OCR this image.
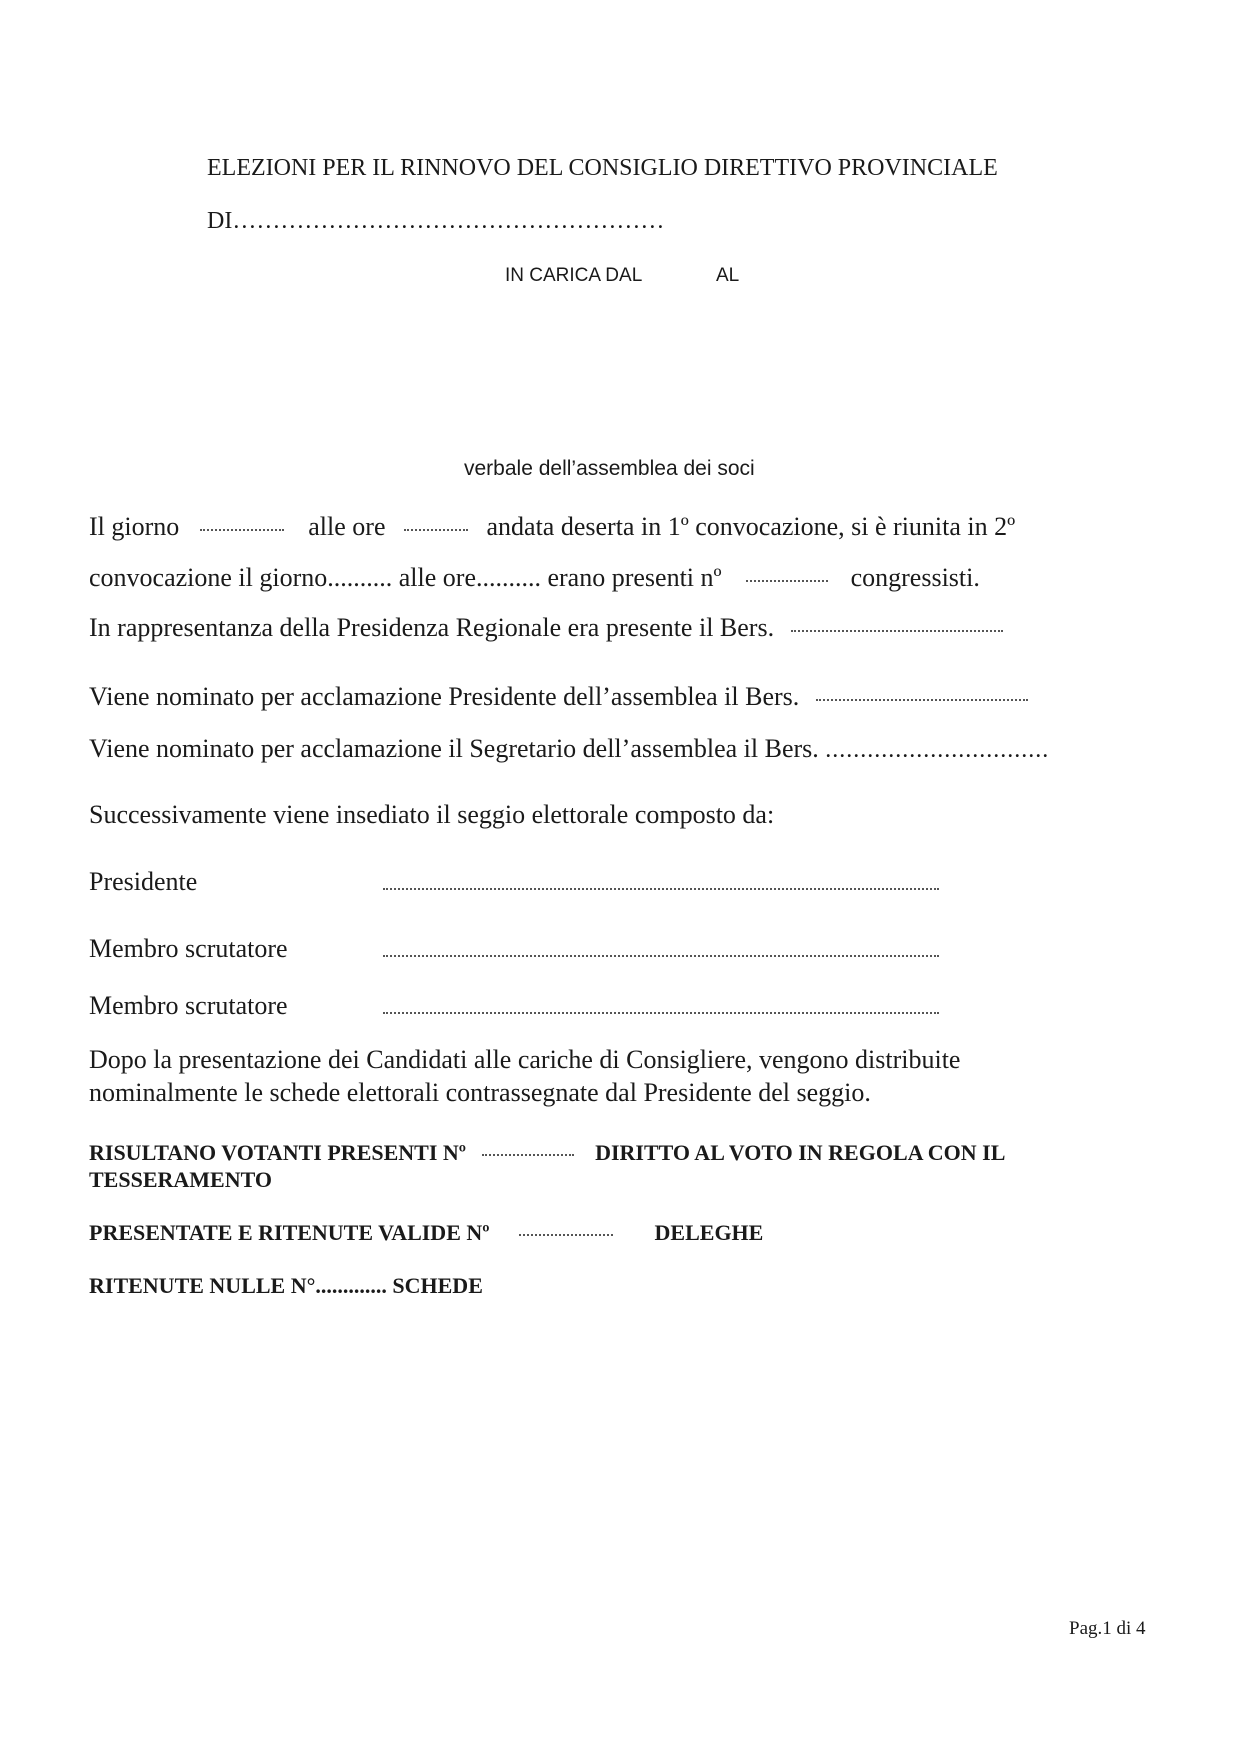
ELEZIONI PER IL RINNOVO DEL CONSIGLIO DIRETTIVO PROVINCIALE
DI………………………………………………
IN CARICA DAL	AL
verbale dell’assemblea dei soci
Il giorno	alle ore	andata deserta in 1º convocazione, si è riunita in 2º
convocazione il giorno.......... alle ore.......... erano presenti nº	congressisti.
In rappresentanza della Presidenza Regionale era presente il Bers.
Viene nominato per acclamazione Presidente dell’assemblea il Bers.
Viene nominato per acclamazione il Segretario dell’assemblea il Bers. ................................
Successivamente viene insediato il seggio elettorale composto da:
Presidente
Membro scrutatore
Membro scrutatore
Dopo la presentazione dei Candidati alle cariche di Consigliere, vengono distribuite
nominalmente le schede elettorali contrassegnate dal Presidente del seggio.
RISULTANO VOTANTI PRESENTI Nº	DIRITTO AL VOTO IN REGOLA CON IL
TESSERAMENTO
PRESENTATE E RITENUTE VALIDE Nº	DELEGHE
RITENUTE NULLE N°............. SCHEDE
Pag.1 di 4
